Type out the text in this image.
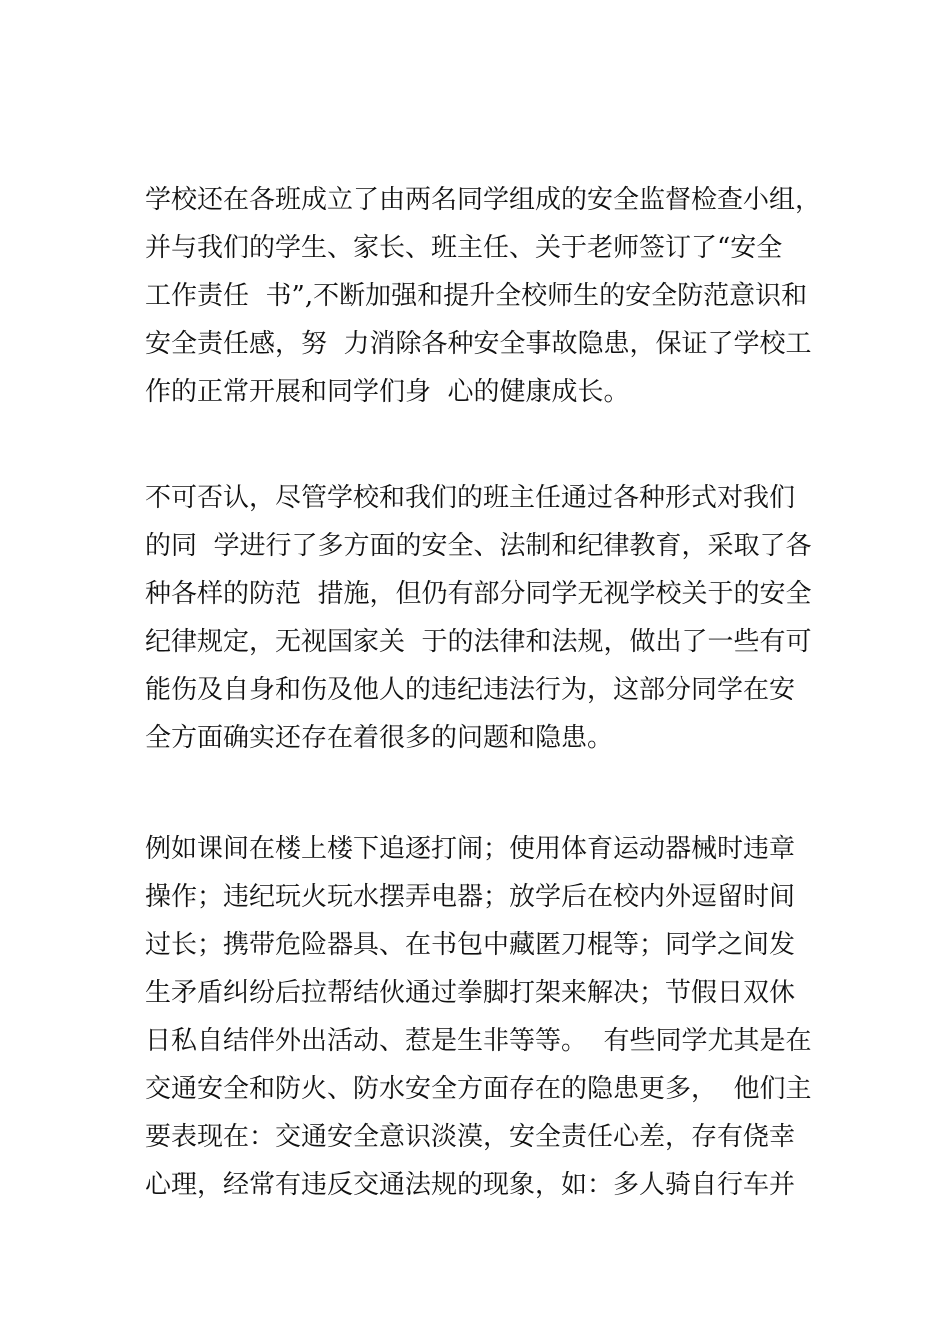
学校还在各班成立了由两名同学组成的安全监督检查小组，
并与我们的学生、家长、班主任、关于老师签订了“安全
工作责任  书”,不断加强和提升全校师生的安全防范意识和
安全责任感，努  力消除各种安全事故隐患，保证了学校工
作的正常开展和同学们身  心的健康成长。
不可否认，尽管学校和我们的班主任通过各种形式对我们
的同  学进行了多方面的安全、法制和纪律教育，采取了各
种各样的防范  措施，但仍有部分同学无视学校关于的安全
纪律规定，无视国家关  于的法律和法规，做出了一些有可
能伤及自身和伤及他人的违纪违法行为，这部分同学在安
全方面确实还存在着很多的问题和隐患。
例如课间在楼上楼下追逐打闹；使用体育运动器械时违章
操作；违纪玩火玩水摆弄电器；放学后在校内外逗留时间
过长；携带危险器具、在书包中藏匿刀棍等；同学之间发
生矛盾纠纷后拉帮结伙通过拳脚打架来解决；节假日双休
日私自结伴外出活动、惹是生非等等。  有些同学尤其是在
交通安全和防火、防水安全方面存在的隐患更多，  他们主
要表现在：交通安全意识淡漠，安全责任心差，存有侥幸
心理，经常有违反交通法规的现象，如：多人骑自行车并
